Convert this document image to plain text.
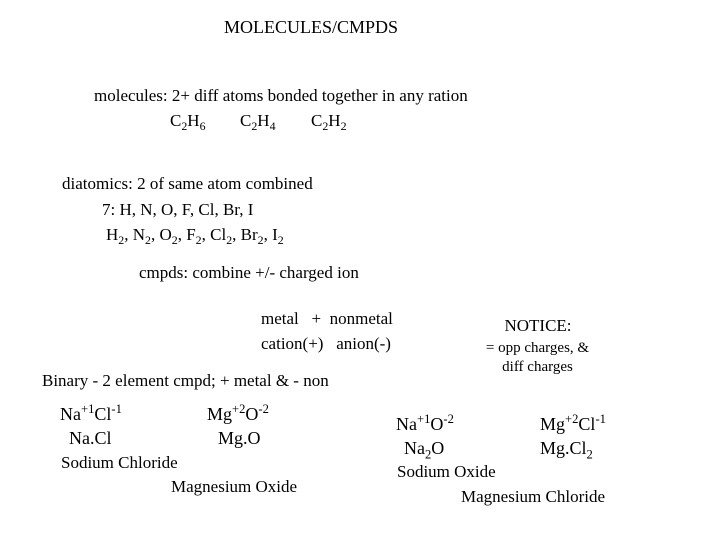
MOLECULES/CMPDS
molecules: 2+ diff atoms bonded together in any ration
$C_2H_6$ $C_2H_4$ $C_2H_2$
diatomics: 2 of same atom combined
7: H, N, O, F, Cl, Br, I
$H_2$, $N_2$, $O_2$, $F_2$, $Cl_2$, $Br_2$, $I_2$
cmpds: combine +/- charged ion
metal   +  nonmetal
cation(+)   anion(-)
NOTICE:
= opp charges, &
diff charges
Binary - 2 element cmpd; + metal & - non
$Na^{+1}Cl^{-1}$	$Mg^{+2}O^{-2}$
Na.Cl	Mg.O
Sodium Chloride
Magnesium Oxide
$Na^{+1}O^{-2}$	$Mg^{+2}Cl^{-1}$
$Na_2O$	$Mg.Cl_2$
Sodium Oxide
Magnesium Chloride
